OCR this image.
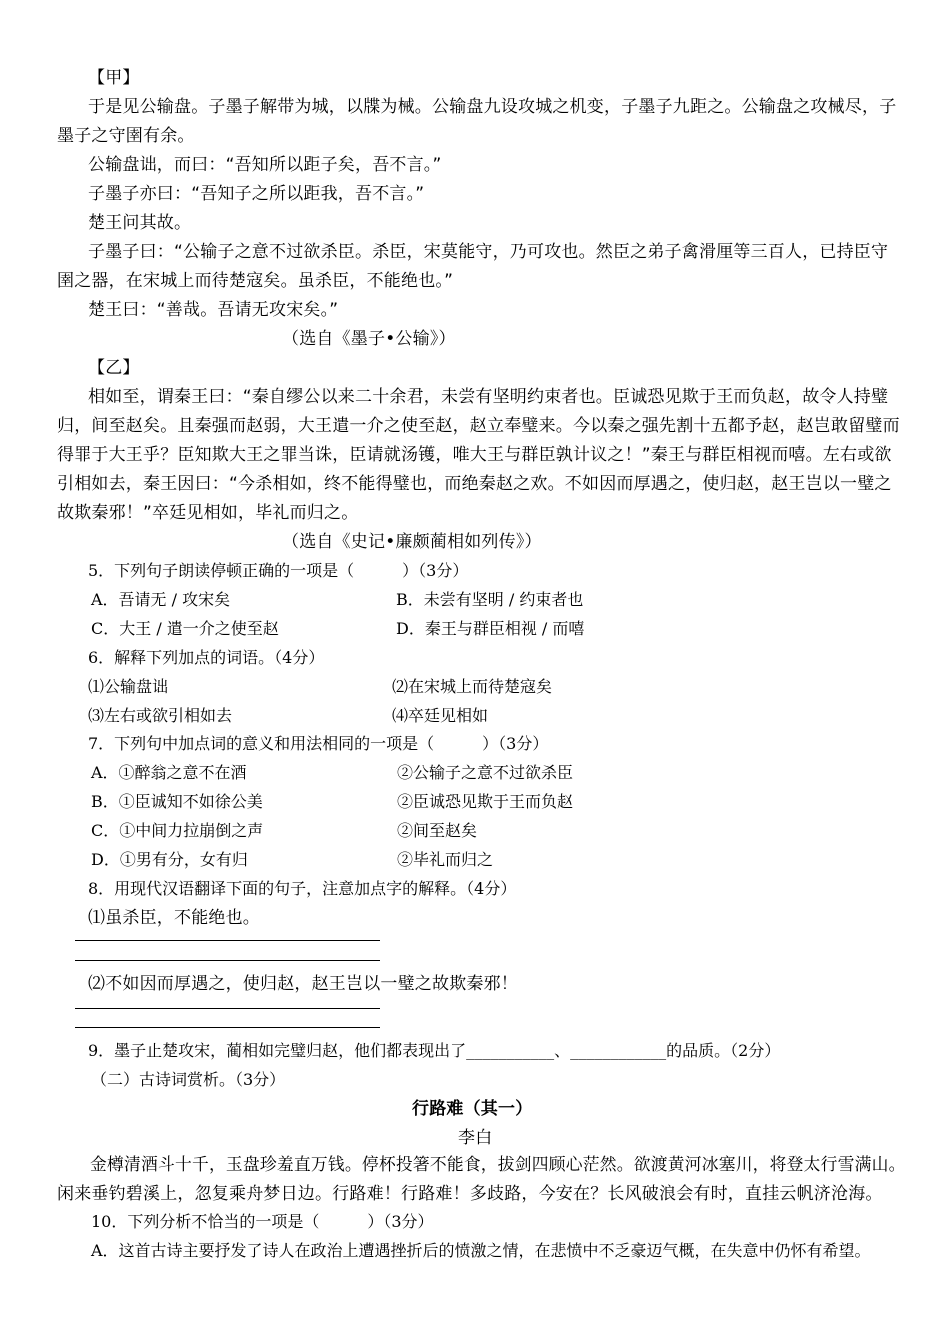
【甲】
于是见公输盘。子墨子解带为城，以牒为械。公输盘九设攻城之机变，子墨子九距之。公输盘之攻械尽，子
墨子之守圉有余。
公输盘诎，而曰：“吾知所以距子矣，吾不言。”
子墨子亦曰：“吾知子之所以距我，吾不言。”
楚王问其故。
子墨子曰：“公输子之意不过欲杀臣。杀臣，宋莫能守，乃可攻也。然臣之弟子禽滑厘等三百人，已持臣守
圉之器，在宋城上而待楚寇矣。虽杀臣，不能绝也。”
楚王曰：“善哉。吾请无攻宋矣。”
（选自《墨子•公输》）
【乙】
相如至，谓秦王曰：“秦自缪公以来二十余君，未尝有坚明约束者也。臣诚恐见欺于王而负赵，故令人持璧
归，间至赵矣。且秦强而赵弱，大王遣一介之使至赵，赵立奉璧来。今以秦之强先割十五都予赵，赵岂敢留璧而
得罪于大王乎？臣知欺大王之罪当诛，臣请就汤镬，唯大王与群臣孰计议之！”秦王与群臣相视而嘻。左右或欲
引相如去，秦王因曰：“今杀相如，终不能得璧也，而绝秦赵之欢。不如因而厚遇之，使归赵，赵王岂以一璧之
故欺秦邪！”卒廷见相如，毕礼而归之。
（选自《史记•廉颇蔺相如列传》）
5．下列句子朗读停顿正确的一项是（　　　）（3分）
A．吾请无 / 攻宋矣	B．未尝有坚明 / 约束者也
C．大王 / 遣一介之使至赵	D．秦王与群臣相视 / 而嘻
6．解释下列加点的词语。（4分）
⑴公输盘诎	⑵在宋城上而待楚寇矣
⑶左右或欲引相如去	⑷卒廷见相如
7．下列句中加点词的意义和用法相同的一项是（　　　）（3分）
A．①醉翁之意不在酒	②公输子之意不过欲杀臣
B．①臣诚知不如徐公美	②臣诚恐见欺于王而负赵
C．①中间力拉崩倒之声	②间至赵矣
D．①男有分，女有归	②毕礼而归之
8．用现代汉语翻译下面的句子，注意加点字的解释。（4分）
⑴虽杀臣，不能绝也。
⑵不如因而厚遇之，使归赵，赵王岂以一璧之故欺秦邪！
9．墨子止楚攻宋，蔺相如完璧归赵，他们都表现出了___________、____________的品质。（2分）
（二）古诗词赏析。（3分）
行路难（其一）
李白
金樽清酒斗十千，玉盘珍羞直万钱。停杯投箸不能食，拔剑四顾心茫然。欲渡黄河冰塞川，将登太行雪满山。
闲来垂钓碧溪上，忽复乘舟梦日边。行路难！行路难！多歧路，今安在？长风破浪会有时，直挂云帆济沧海。
10．下列分析不恰当的一项是（　　　）（3分）
A．这首古诗主要抒发了诗人在政治上遭遇挫折后的愤激之情，在悲愤中不乏豪迈气概，在失意中仍怀有希望。
